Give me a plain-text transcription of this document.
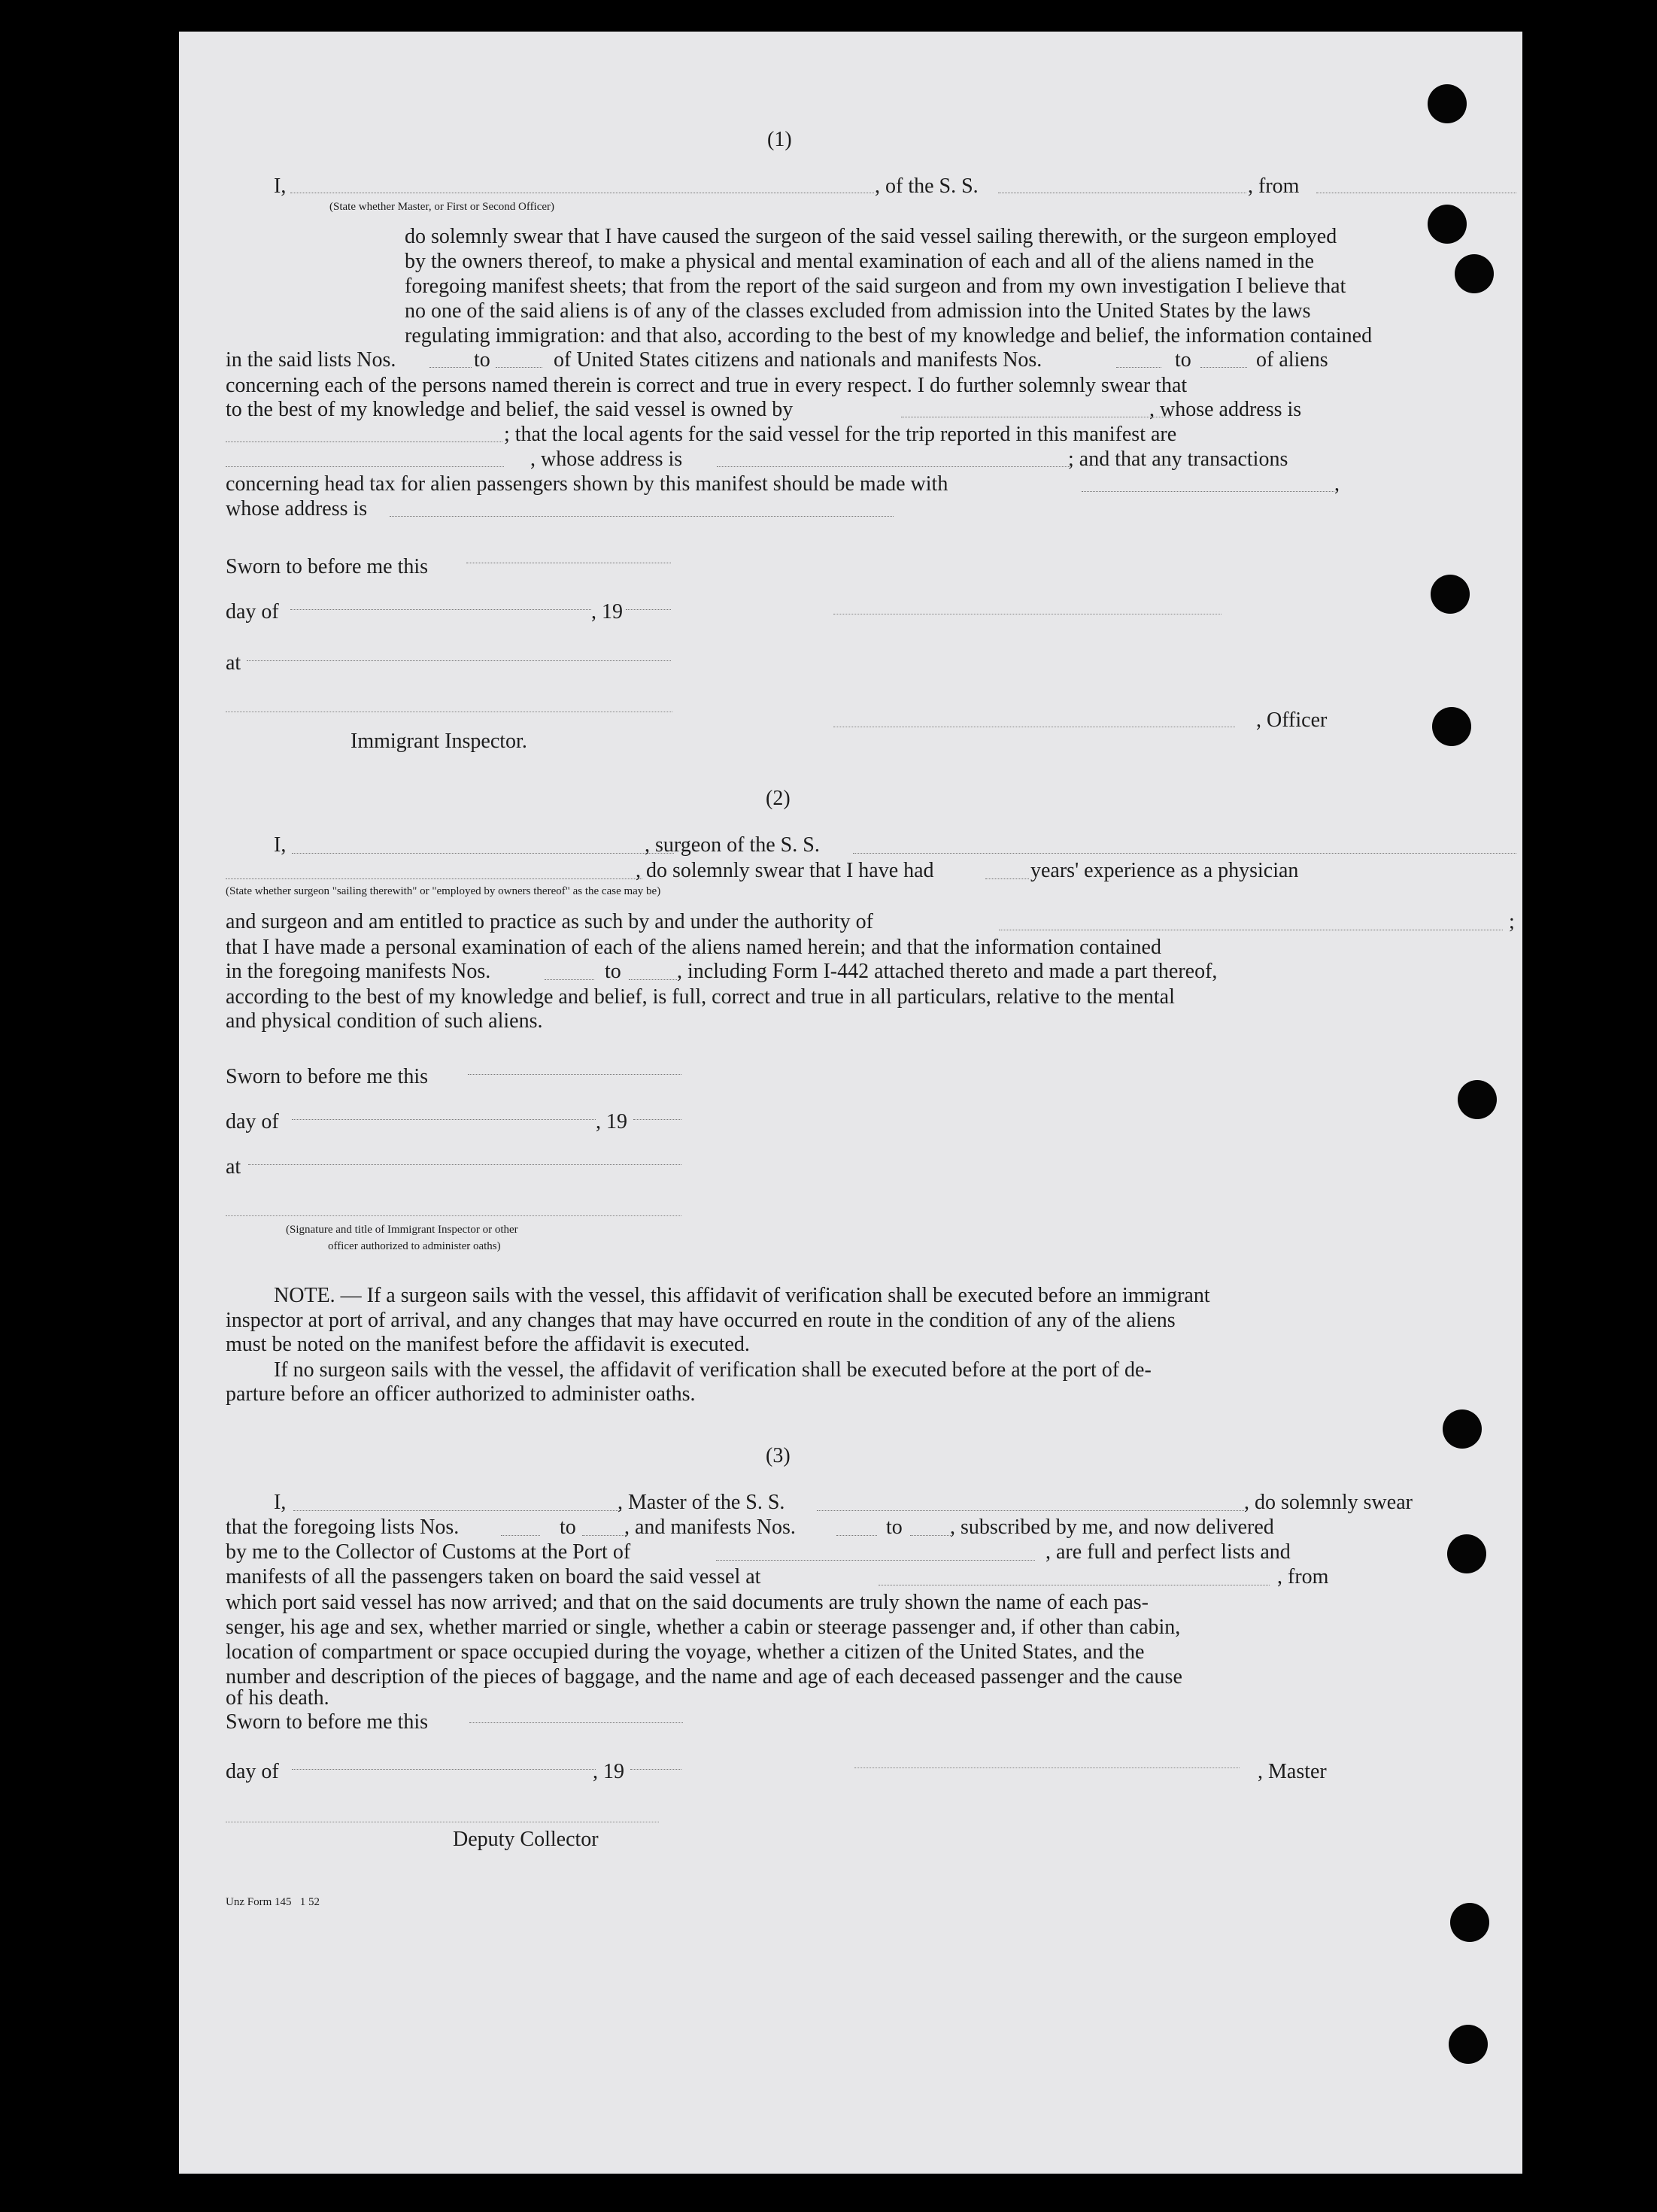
(1)
I,	, of the S. S.	, from
(State whether Master, or First or Second Officer)
do solemnly swear that I have caused the surgeon of the said vessel sailing therewith, or the surgeon employed
by the owners thereof, to make a physical and mental examination of each and all of the aliens named in the
foregoing manifest sheets; that from the report of the said surgeon and from my own investigation I believe that
no one of the said aliens is of any of the classes excluded from admission into the United States by the laws
regulating immigration: and that also, according to the best of my knowledge and belief, the information contained
in the said lists Nos.	to	of United States citizens and nationals and manifests Nos.	to	of aliens
concerning each of the persons named therein is correct and true in every respect. I do further solemnly swear that
to the best of my knowledge and belief, the said vessel is owned by	, whose address is
; that the local agents for the said vessel for the trip reported in this manifest are
, whose address is	; and that any transactions
concerning head tax for alien passengers shown by this manifest should be made with	,
whose address is
Sworn to before me this
day of	, 19
at
Immigrant Inspector.
, Officer
(2)
I,	, surgeon of the S. S.
, do solemnly swear that I have had	years' experience as a physician
(State whether surgeon "sailing therewith" or "employed by owners thereof" as the case may be)
and surgeon and am entitled to practice as such by and under the authority of	;
that I have made a personal examination of each of the aliens named herein; and that the information contained
in the foregoing manifests Nos.	to	, including Form I-442 attached thereto and made a part thereof,
according to the best of my knowledge and belief, is full, correct and true in all particulars, relative to the mental
and physical condition of such aliens.
Sworn to before me this
day of	, 19
at
(Signature and title of Immigrant Inspector or other
officer authorized to administer oaths)
NOTE. — If a surgeon sails with the vessel, this affidavit of verification shall be executed before an immigrant
inspector at port of arrival, and any changes that may have occurred en route in the condition of any of the aliens
must be noted on the manifest before the affidavit is executed.
If no surgeon sails with the vessel, the affidavit of verification shall be executed before at the port of de-
parture before an officer authorized to administer oaths.
(3)
I,	, Master of the S. S.	, do solemnly swear
that the foregoing lists Nos.	to , and manifests Nos.	to , subscribed by me, and now delivered
by me to the Collector of Customs at the Port of	, are full and perfect lists and
manifests of all the passengers taken on board the said vessel at	, from
which port said vessel has now arrived; and that on the said documents are truly shown the name of each pas-
senger, his age and sex, whether married or single, whether a cabin or steerage passenger and, if other than cabin,
location of compartment or space occupied during the voyage, whether a citizen of the United States, and the
number and description of the pieces of baggage, and the name and age of each deceased passenger and the cause
of his death.
Sworn to before me this
day of	, 19	, Master
Deputy Collector
Unz Form 145   1 52
